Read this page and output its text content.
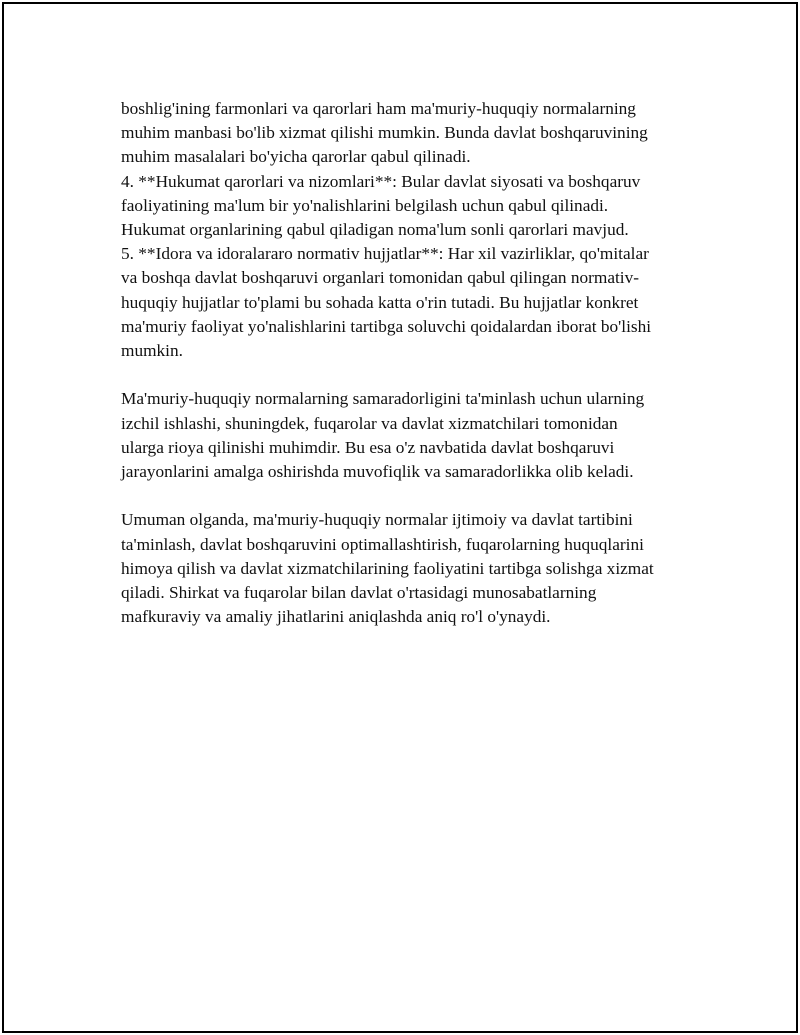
boshlig'ining farmonlari va qarorlari ham ma'muriy-huquqiy normalarning
muhim manbasi bo'lib xizmat qilishi mumkin. Bunda davlat boshqaruvining
muhim masalalari bo'yicha qarorlar qabul qilinadi.
4. **Hukumat qarorlari va nizomlari**: Bular davlat siyosati va boshqaruv
faoliyatining ma'lum bir yo'nalishlarini belgilash uchun qabul qilinadi.
Hukumat organlarining qabul qiladigan noma'lum sonli qarorlari mavjud.
5. **Idora va idoralararo normativ hujjatlar**: Har xil vazirliklar, qo'mitalar
va boshqa davlat boshqaruvi organlari tomonidan qabul qilingan normativ-
huquqiy hujjatlar to'plami bu sohada katta o'rin tutadi. Bu hujjatlar konkret
ma'muriy faoliyat yo'nalishlarini tartibga soluvchi qoidalardan iborat bo'lishi
mumkin.
Ma'muriy-huquqiy normalarning samaradorligini ta'minlash uchun ularning
izchil ishlashi, shuningdek, fuqarolar va davlat xizmatchilari tomonidan
ularga rioya qilinishi muhimdir. Bu esa o'z navbatida davlat boshqaruvi
jarayonlarini amalga oshirishda muvofiqlik va samaradorlikka olib keladi.
Umuman olganda, ma'muriy-huquqiy normalar ijtimoiy va davlat tartibini
ta'minlash, davlat boshqaruvini optimallashtirish, fuqarolarning huquqlarini
himoya qilish va davlat xizmatchilarining faoliyatini tartibga solishga xizmat
qiladi. Shirkat va fuqarolar bilan davlat o'rtasidagi munosabatlarning
mafkuraviy va amaliy jihatlarini aniqlashda aniq ro'l o'ynaydi.
